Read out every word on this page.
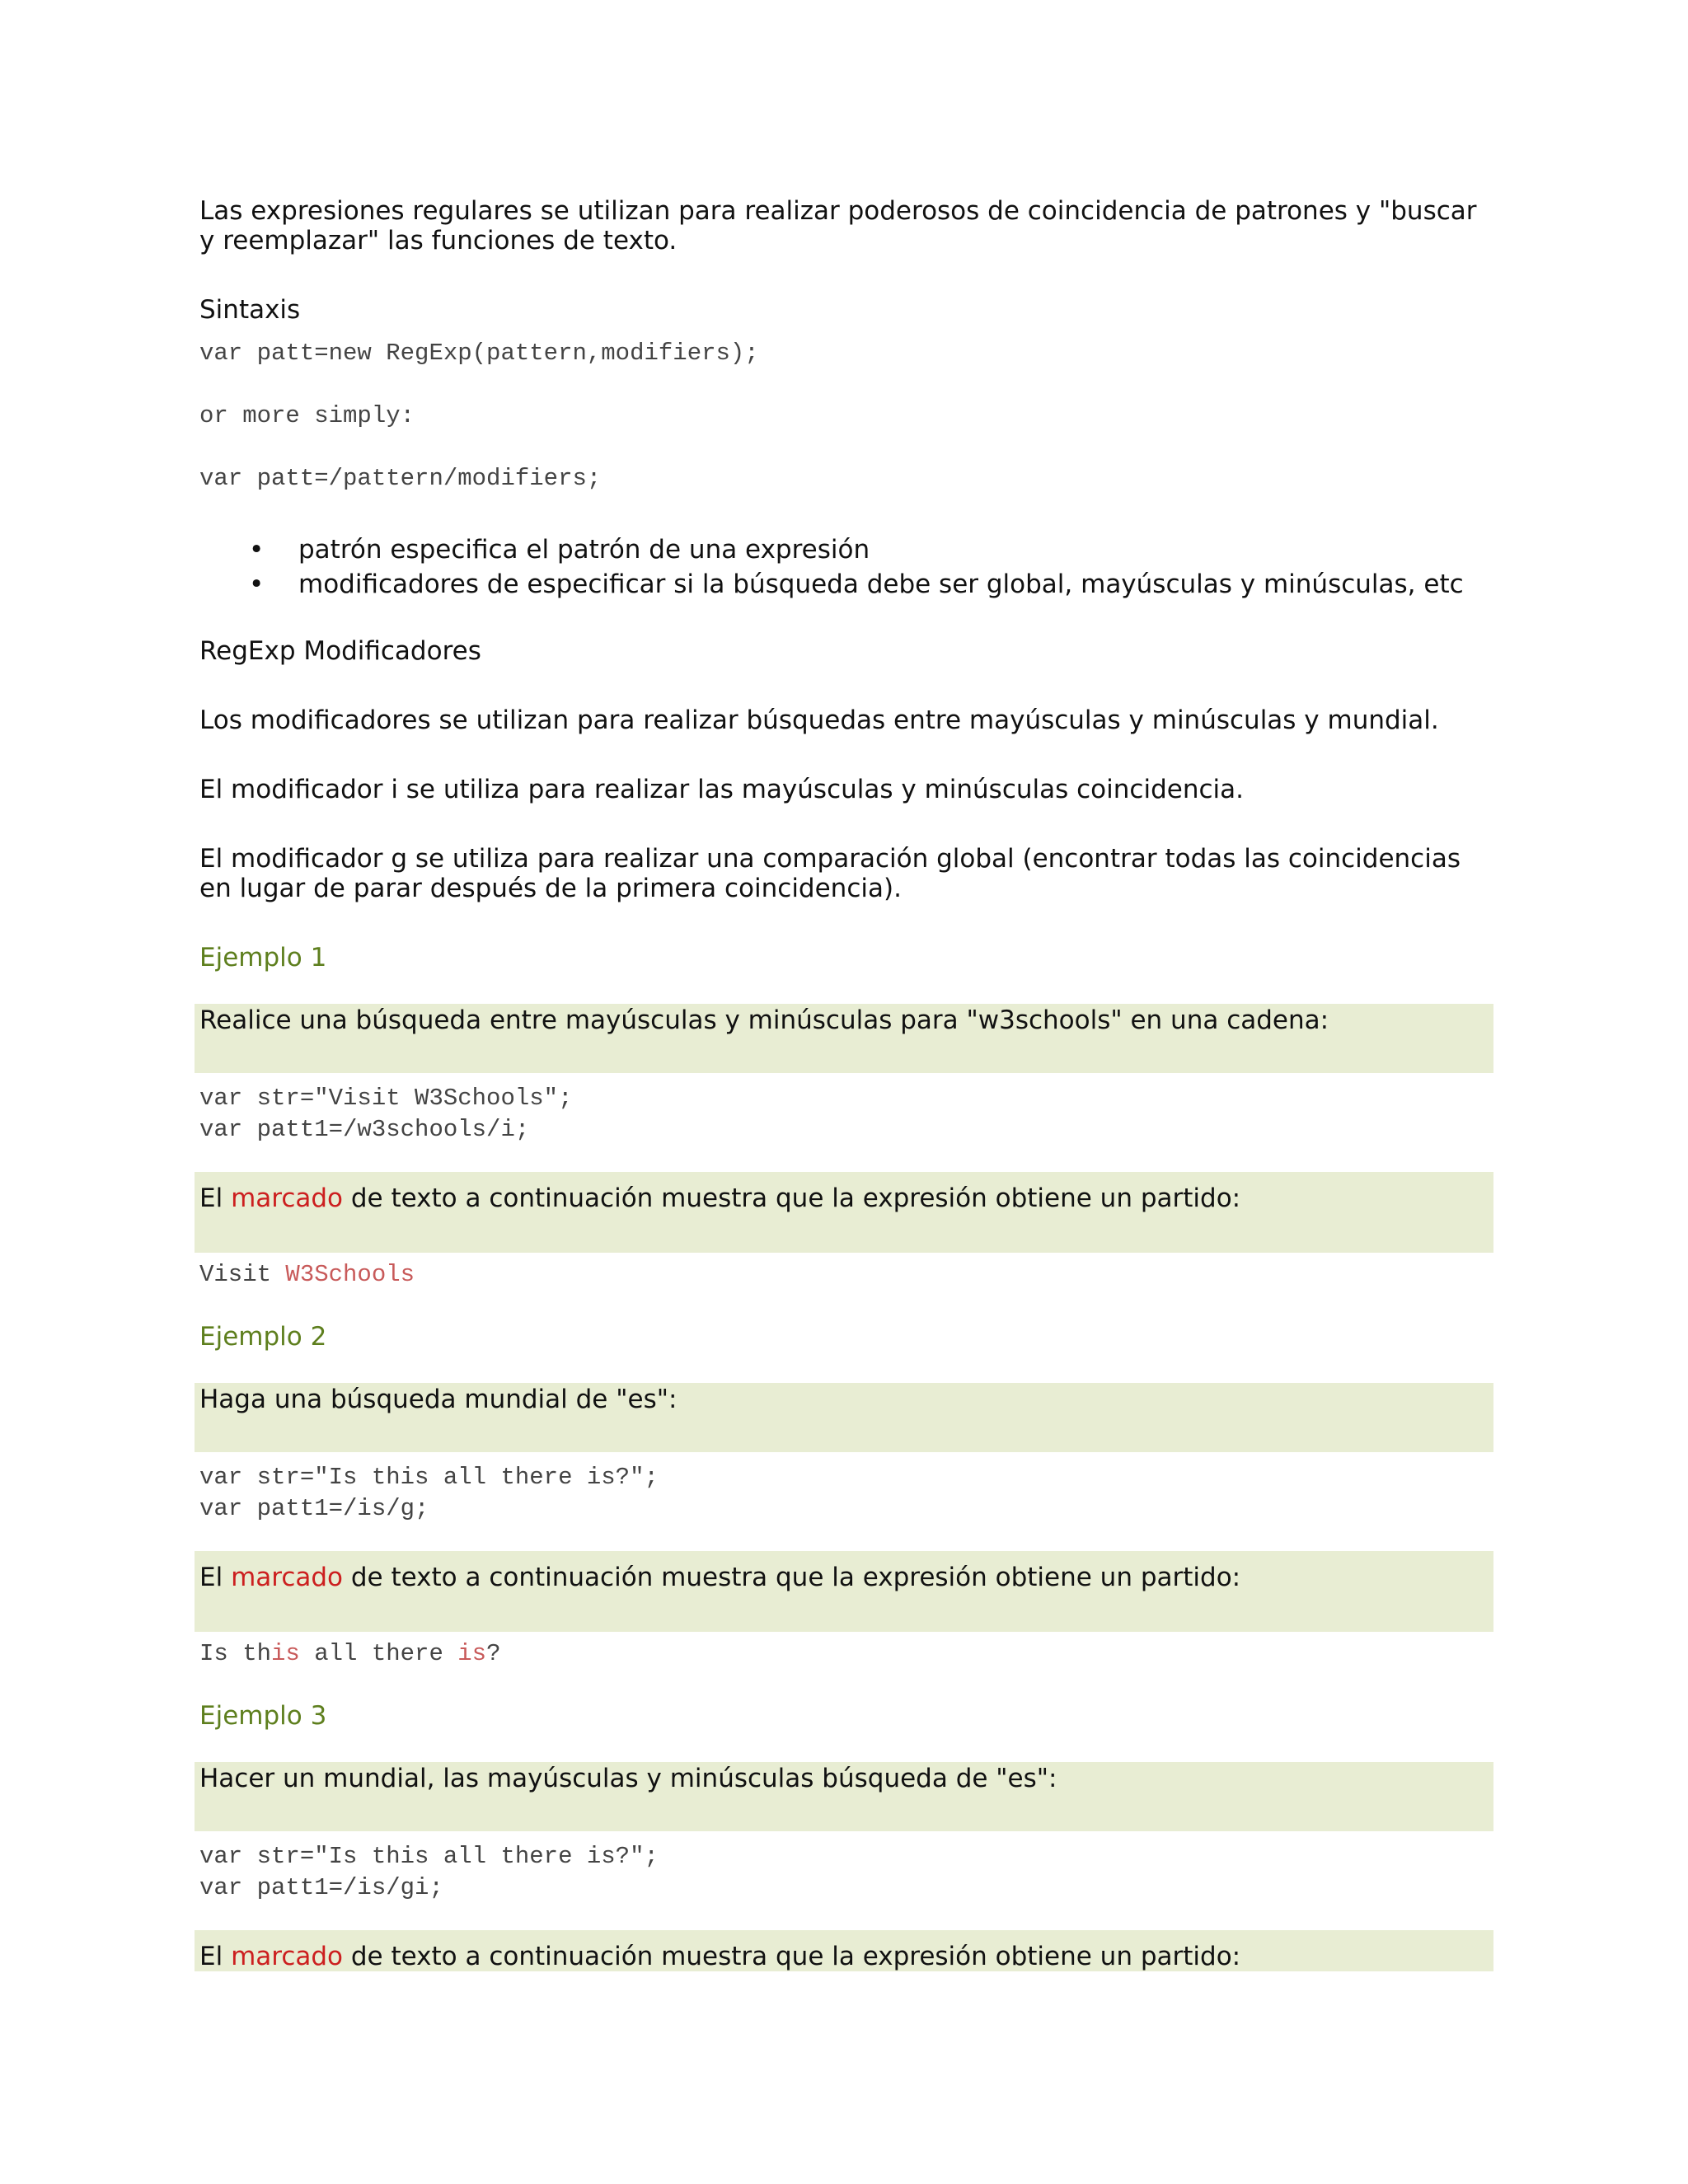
Las expresiones regulares se utilizan para realizar poderosos de coincidencia de patrones y "buscar y reemplazar" las funciones de texto.

Sintaxis

var patt=new RegExp(pattern,modifiers);
or more simply:
var patt=/pattern/modifiers;
• patrón especifica el patrón de una expresión
• modificadores de especificar si la búsqueda debe ser global, mayúsculas y minúsculas, etc

RegExp Modificadores

Los modificadores se utilizan para realizar búsquedas entre mayúsculas y minúsculas y mundial.

El modificador i se utiliza para realizar las mayúsculas y minúsculas coincidencia.

El modificador g se utiliza para realizar una comparación global (encontrar todas las coincidencias en lugar de parar después de la primera coincidencia).

Ejemplo 1

Realice una búsqueda entre mayúsculas y minúsculas para "w3schools" en una cadena:

var str="Visit W3Schools";
var patt1=/w3schools/i;

El marcado de texto a continuación muestra que la expresión obtiene un partido:

Visit W3Schools

Ejemplo 2

Haga una búsqueda mundial de "es":

var str="Is this all there is?";
var patt1=/is/g;

El marcado de texto a continuación muestra que la expresión obtiene un partido:

Is this all there is?

Ejemplo 3

Hacer un mundial, las mayúsculas y minúsculas búsqueda de "es":

var str="Is this all there is?";
var patt1=/is/gi;

El marcado de texto a continuación muestra que la expresión obtiene un partido:
